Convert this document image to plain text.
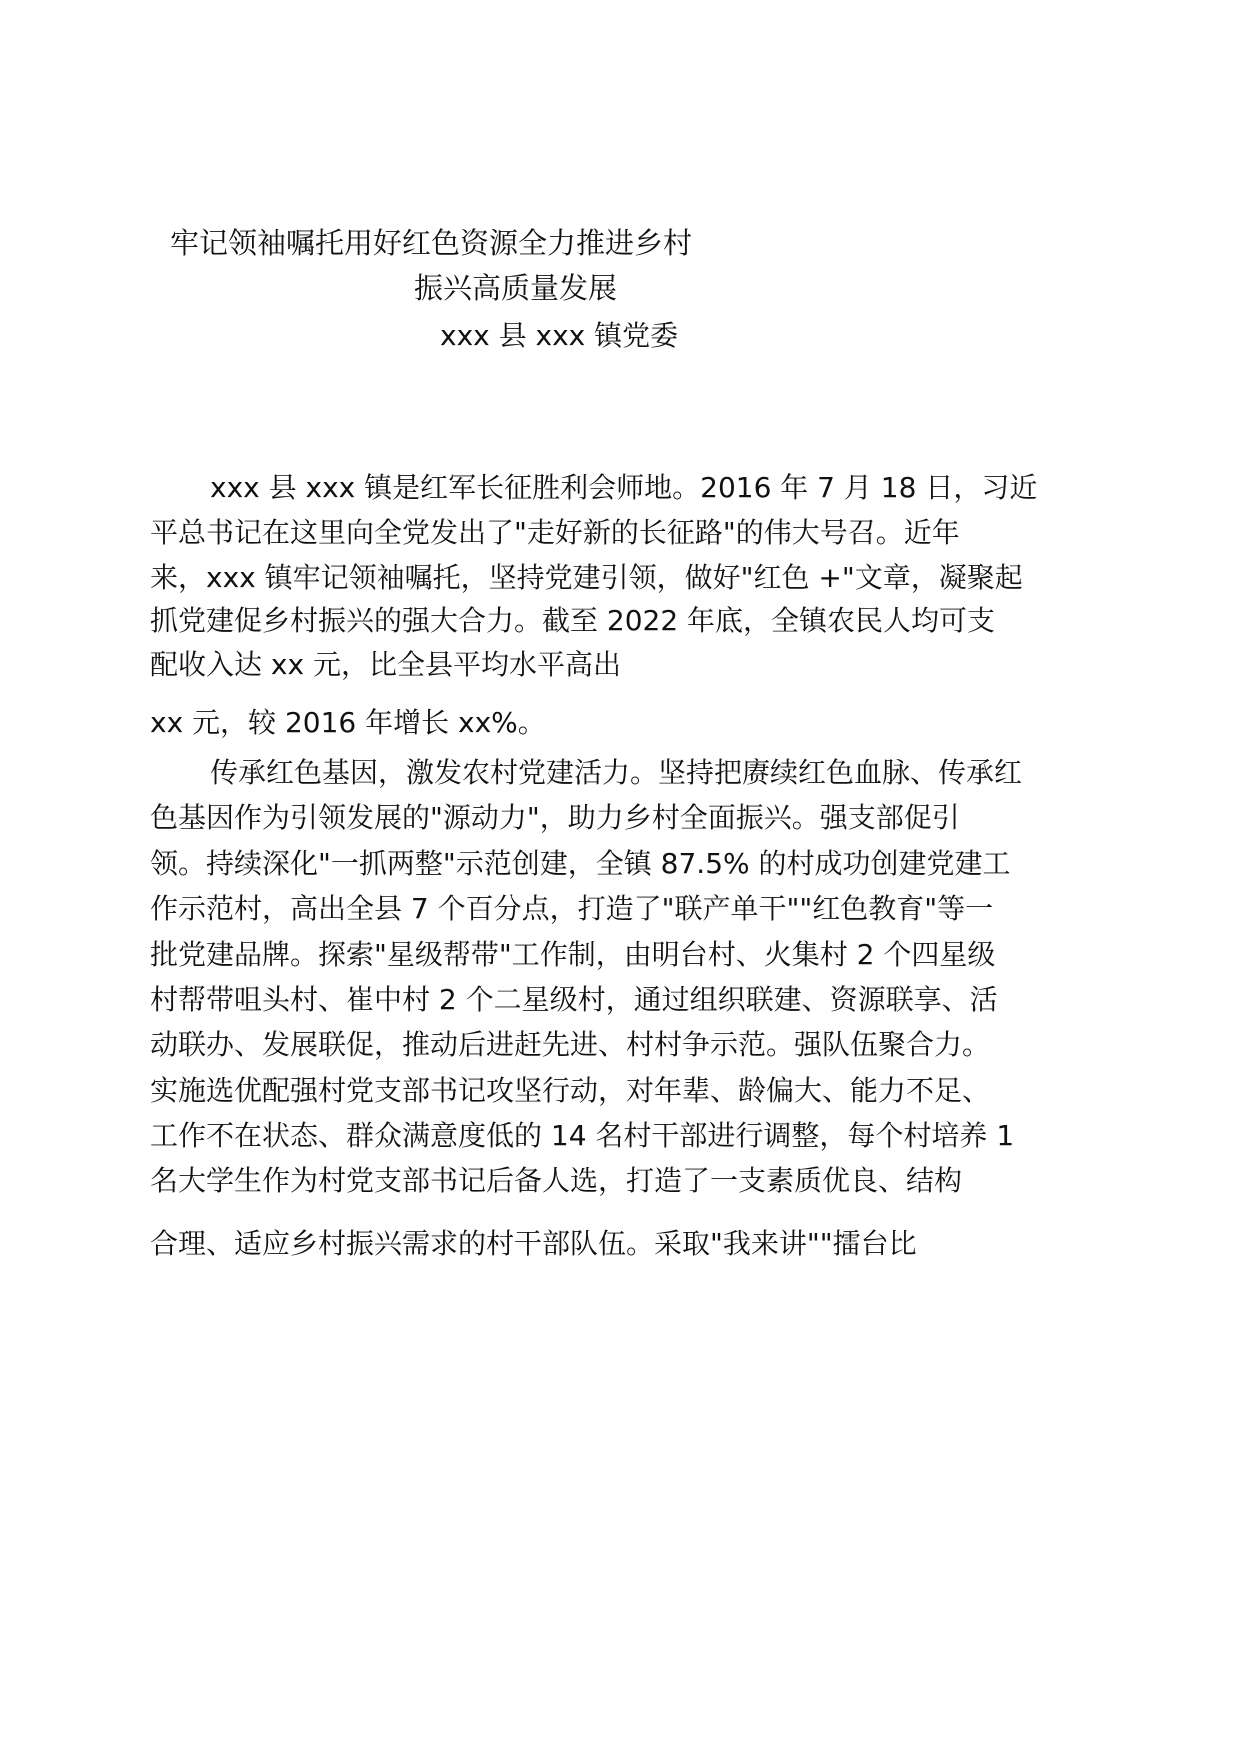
牢记领袖嘱托用好红色资源全力推进乡村
振兴高质量发展
xxx 县 xxx 镇党委
xxx 县 xxx 镇是红军长征胜利会师地。2016 年 7 月 18 日，习近
平总书记在这里向全党发出了"走好新的长征路"的伟大号召。近年
来，xxx 镇牢记领袖嘱托，坚持党建引领，做好"红色 +"文章，凝聚起
抓党建促乡村振兴的强大合力。截至 2022 年底，全镇农民人均可支
配收入达 xx 元，比全县平均水平高出
xx 元，较 2016 年增长 xx%。
传承红色基因，激发农村党建活力。坚持把赓续红色血脉、传承红
色基因作为引领发展的"源动力"，助力乡村全面振兴。强支部促引
领。持续深化"一抓两整"示范创建，全镇 87.5% 的村成功创建党建工
作示范村，高出全县 7 个百分点，打造了"联产单干""红色教育"等一
批党建品牌。探索"星级帮带"工作制，由明台村、火集村 2 个四星级
村帮带咀头村、崔中村 2 个二星级村，通过组织联建、资源联享、活
动联办、发展联促，推动后进赶先进、村村争示范。强队伍聚合力。
实施选优配强村党支部书记攻坚行动，对年辈、龄偏大、能力不足、
工作不在状态、群众满意度低的 14 名村干部进行调整，每个村培养 1
名大学生作为村党支部书记后备人选，打造了一支素质优良、结构
合理、适应乡村振兴需求的村干部队伍。采取"我来讲""擂台比
